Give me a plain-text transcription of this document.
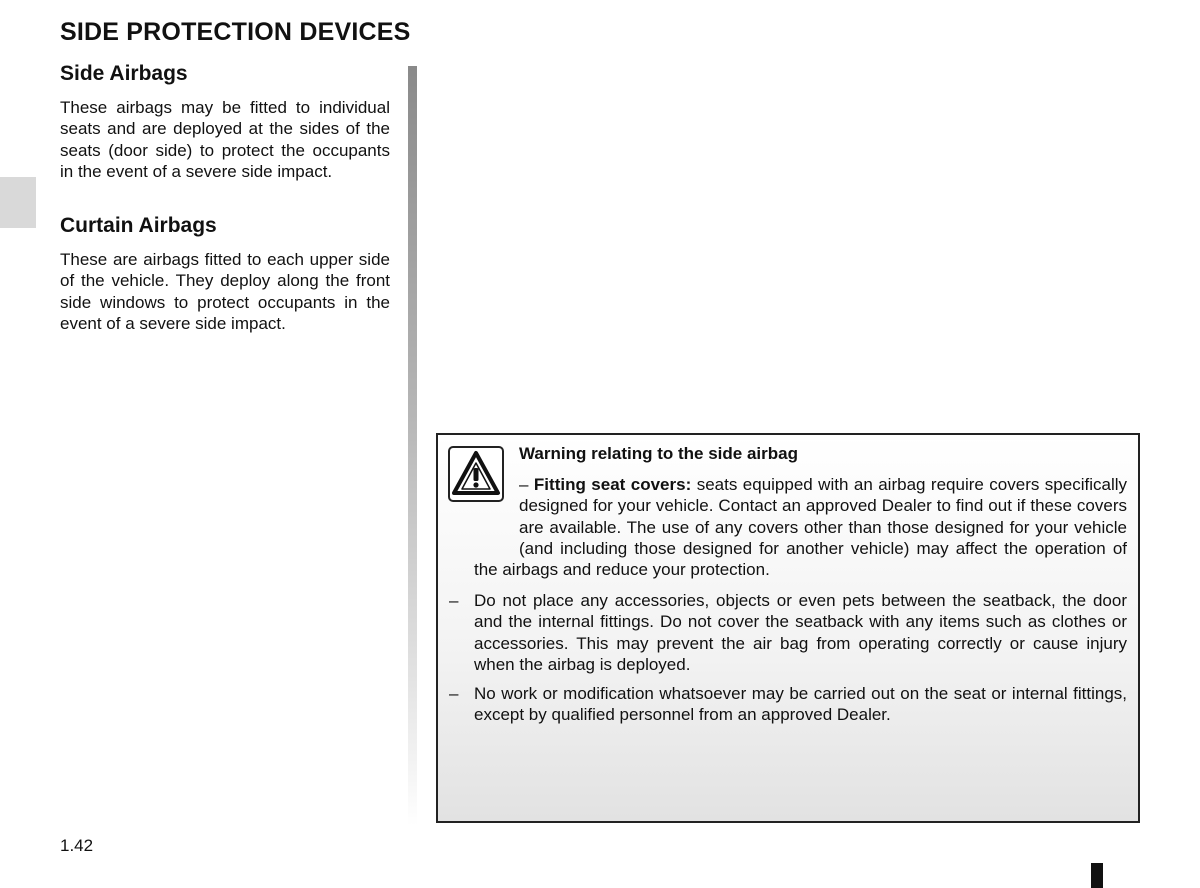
SIDE PROTECTION DEVICES
Side Airbags

These airbags may be fitted to individual seats and are deployed at the sides of the seats (door side) to protect the occupants in the event of a severe side impact.

Curtain Airbags

These are airbags fitted to each upper side of the vehicle. They deploy along the front side windows to protect occupants in the event of a severe side impact.

Warning relating to the side airbag

– Fitting seat covers: seats equipped with an airbag require covers specifically designed for your vehicle. Contact an approved Dealer to find out if these covers are available. The use of any covers other than those designed for your vehicle (and including those designed for another vehicle) may affect the operation of the airbags and reduce your protection.

– Do not place any accessories, objects or even pets between the seatback, the door and the internal fittings. Do not cover the seatback with any items such as clothes or accessories. This may prevent the air bag from operating correctly or cause injury when the airbag is deployed.

– No work or modification whatsoever may be carried out on the seat or internal fittings, except by qualified personnel from an approved Dealer.

1.42
